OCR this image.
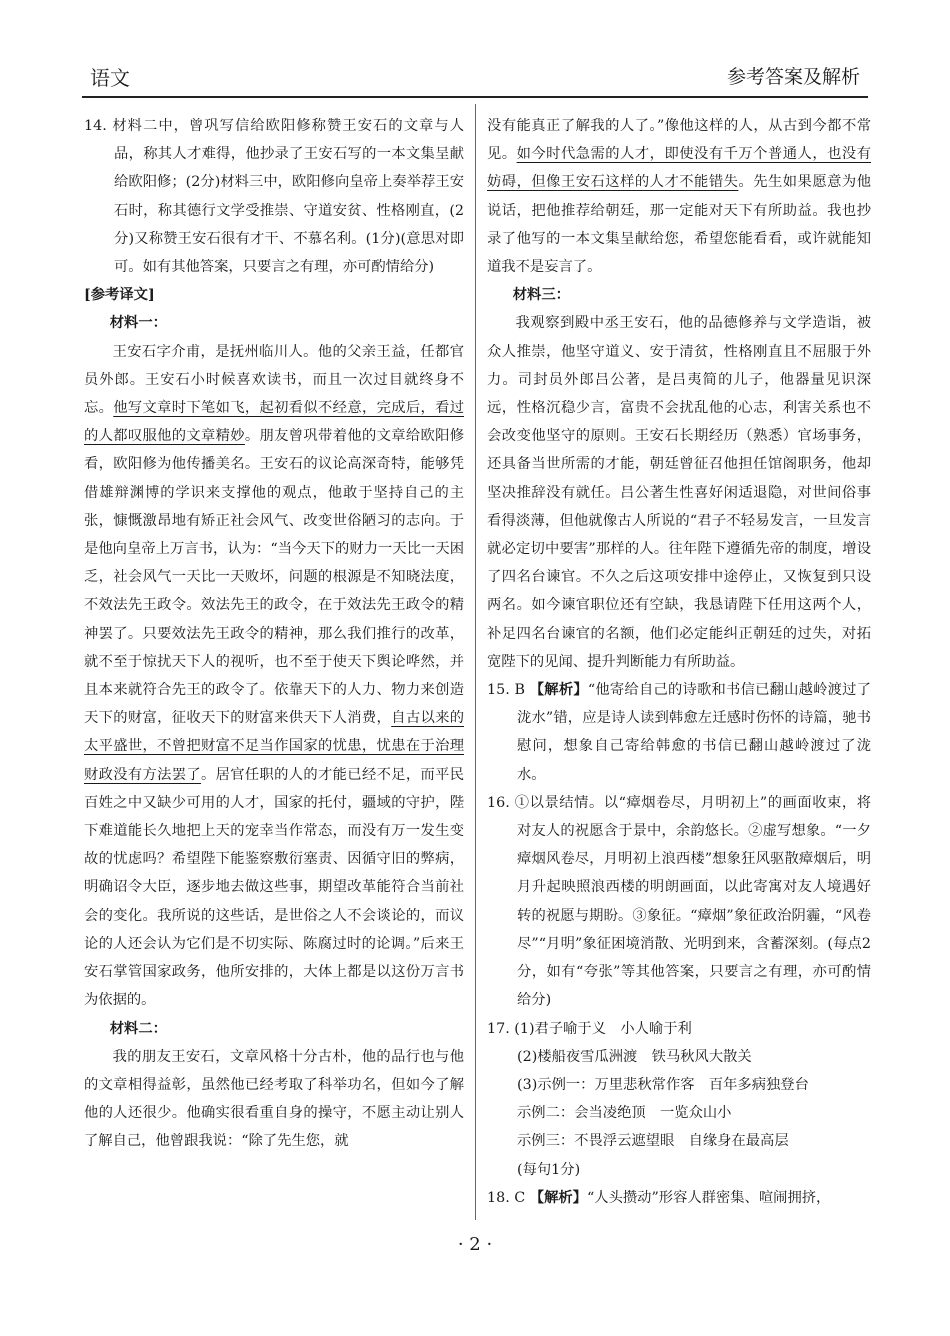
语文	参考答案及解析

14. 材料二中，曾巩写信给欧阳修称赞王安石的文章与人品，称其人才难得，他抄录了王安石写的一本文集呈献给欧阳修；(2分)材料三中，欧阳修向皇帝上奏举荐王安石时，称其德行文学受推崇、守道安贫、性格刚直，(2分)又称赞王安石很有才干、不慕名利。(1分)(意思对即可。如有其他答案，只要言之有理，亦可酌情给分)

[参考译文]

材料一：

王安石字介甫，是抚州临川人。他的父亲王益，任都官员外郎。王安石小时候喜欢读书，而且一次过目就终身不忘。他写文章时下笔如飞，起初看似不经意，完成后，看过的人都叹服他的文章精妙。朋友曾巩带着他的文章给欧阳修看，欧阳修为他传播美名。王安石的议论高深奇特，能够凭借雄辩渊博的学识来支撑他的观点，他敢于坚持自己的主张，慷慨激昂地有矫正社会风气、改变世俗陋习的志向。于是他向皇帝上万言书，认为：“当今天下的财力一天比一天困乏，社会风气一天比一天败坏，问题的根源是不知晓法度，不效法先王政令。效法先王的政令，在于效法先王政令的精神罢了。只要效法先王政令的精神，那么我们推行的改革，就不至于惊扰天下人的视听，也不至于使天下舆论哗然，并且本来就符合先王的政令了。依靠天下的人力、物力来创造天下的财富，征收天下的财富来供天下人消费，自古以来的太平盛世，不曾把财富不足当作国家的忧患，忧患在于治理财政没有方法罢了。居官任职的人的才能已经不足，而平民百姓之中又缺少可用的人才，国家的托付，疆域的守护，陛下难道能长久地把上天的宠幸当作常态，而没有万一发生变故的忧虑吗？希望陛下能鉴察敷衍塞责、因循守旧的弊病，明确诏令大臣，逐步地去做这些事，期望改革能符合当前社会的变化。我所说的这些话，是世俗之人不会谈论的，而议论的人还会认为它们是不切实际、陈腐过时的论调。”后来王安石掌管国家政务，他所安排的，大体上都是以这份万言书为依据的。

材料二：

我的朋友王安石，文章风格十分古朴，他的品行也与他的文章相得益彰，虽然他已经考取了科举功名，但如今了解他的人还很少。他确实很看重自身的操守，不愿主动让别人了解自己，他曾跟我说：“除了先生您，就

没有能真正了解我的人了。”像他这样的人，从古到今都不常见。如今时代急需的人才，即使没有千万个普通人，也没有妨碍，但像王安石这样的人才不能错失。先生如果愿意为他说话，把他推荐给朝廷，那一定能对天下有所助益。我也抄录了他写的一本文集呈献给您，希望您能看看，或许就能知道我不是妄言了。

材料三：

我观察到殿中丞王安石，他的品德修养与文学造诣，被众人推崇，他坚守道义、安于清贫，性格刚直且不屈服于外力。司封员外郎吕公著，是吕夷简的儿子，他器量见识深远，性格沉稳少言，富贵不会扰乱他的心志，利害关系也不会改变他坚守的原则。王安石长期经历（熟悉）官场事务，还具备当世所需的才能，朝廷曾征召他担任馆阁职务，他却坚决推辞没有就任。吕公著生性喜好闲适退隐，对世间俗事看得淡薄，但他就像古人所说的“君子不轻易发言，一旦发言就必定切中要害”那样的人。往年陛下遵循先帝的制度，增设了四名台谏官。不久之后这项安排中途停止，又恢复到只设两名。如今谏官职位还有空缺，我恳请陛下任用这两个人，补足四名台谏官的名额，他们必定能纠正朝廷的过失，对拓宽陛下的见闻、提升判断能力有所助益。

15. B 【解析】“他寄给自己的诗歌和书信已翻山越岭渡过了泷水”错，应是诗人读到韩愈左迁感时伤怀的诗篇，驰书慰问，想象自己寄给韩愈的书信已翻山越岭渡过了泷水。

16. ①以景结情。以“瘴烟卷尽，月明初上”的画面收束，将对友人的祝愿含于景中，余韵悠长。②虚写想象。“一夕瘴烟风卷尽，月明初上浪西楼”想象狂风驱散瘴烟后，明月升起映照浪西楼的明朗画面，以此寄寓对友人境遇好转的祝愿与期盼。③象征。“瘴烟”象征政治阴霾，“风卷尽”“月明”象征困境消散、光明到来，含蓄深刻。(每点2分，如有“夸张”等其他答案，只要言之有理，亦可酌情给分)

17. (1)君子喻于义　小人喻于利

(2)楼船夜雪瓜洲渡　铁马秋风大散关

(3)示例一：万里悲秋常作客　百年多病独登台

示例二：会当凌绝顶　一览众山小

示例三：不畏浮云遮望眼　自缘身在最高层

(每句1分)

18. C 【解析】“人头攒动”形容人群密集、喧闹拥挤，

· 2 ·
